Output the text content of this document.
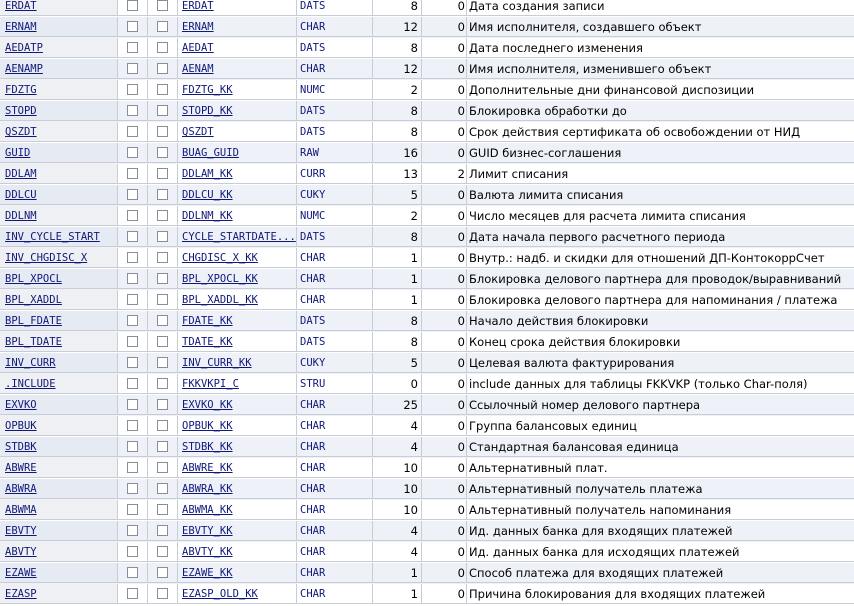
ERDAT	ERDAT	DATS	8	0 Дата создания записи
ERNAM	ERNAM	CHAR	12	0 Имя исполнителя, создавшего объект
AEDATP	AEDAT	DATS	8	0 Дата последнего изменения
AENAMP	AENAM	CHAR	12	0 Имя исполнителя, изменившего объект
FDZTG	FDZTG_KK	NUMC	2	0 Дополнительные дни финансовой диспозиции
STOPD	STOPD_KK	DATS	8	0 Блокировка обработки до
QSZDT	QSZDT	DATS	8	0 Срок действия сертификата об освобождении от НИД
GUID	BUAG_GUID	RAW	16	0 GUID бизнес-соглашения
DDLAM	DDLAM_KK	CURR	13	2 Лимит списания
DDLCU	DDLCU_KK	CUKY	5	0 Валюта лимита списания
DDLNM	DDLNM_KK	NUMC	2	0 Число месяцев для расчета лимита списания
INV_CYCLE_START	CYCLE_STARTDATE... DATS	8	0 Дата начала первого расчетного периода
INV_CHGDISC_X	CHGDISC_X_KK	CHAR	1	0 Внутр.: надб. и скидки для отношений ДП-КонтокоррСчет
BPL_XPOCL	BPL_XPOCL_KK	CHAR	1	0 Блокировка делового партнера для проводок/выравниваний
BPL_XADDL	BPL_XADDL_KK	CHAR	1	0 Блокировка делового партнера для напоминания / платежа
BPL_FDATE	FDATE_KK	DATS	8	0 Начало действия блокировки
BPL_TDATE	TDATE_KK	DATS	8	0 Конец срока действия блокировки
INV_CURR	INV_CURR_KK	CUKY	5	0 Целевая валюта фактурирования
.INCLUDE	FKKVKPI_C	STRU	0	0 include данных для таблицы FKKVKP (только Char-поля)
EXVKO	EXVKO_KK	CHAR	25	0 Ссылочный номер делового партнера
OPBUK	OPBUK_KK	CHAR	4	0 Группа балансовых единиц
STDBK	STDBK_KK	CHAR	4	0 Стандартная балансовая единица
ABWRE	ABWRE_KK	CHAR	10	0 Альтернативный плат.
ABWRA	ABWRA_KK	CHAR	10	0 Альтернативный получатель платежа
ABWMA	ABWMA_KK	CHAR	10	0 Альтернативный получатель напоминания
EBVTY	EBVTY_KK	CHAR	4	0 Ид. данных банка для входящих платежей
ABVTY	ABVTY_KK	CHAR	4	0 Ид. данных банка для исходящих платежей
EZAWE	EZAWE_KK	CHAR	1	0 Способ платежа для входящих платежей
EZASP	EZASP_OLD_KK	CHAR	1	0 Причина блокирования для входящих платежей
